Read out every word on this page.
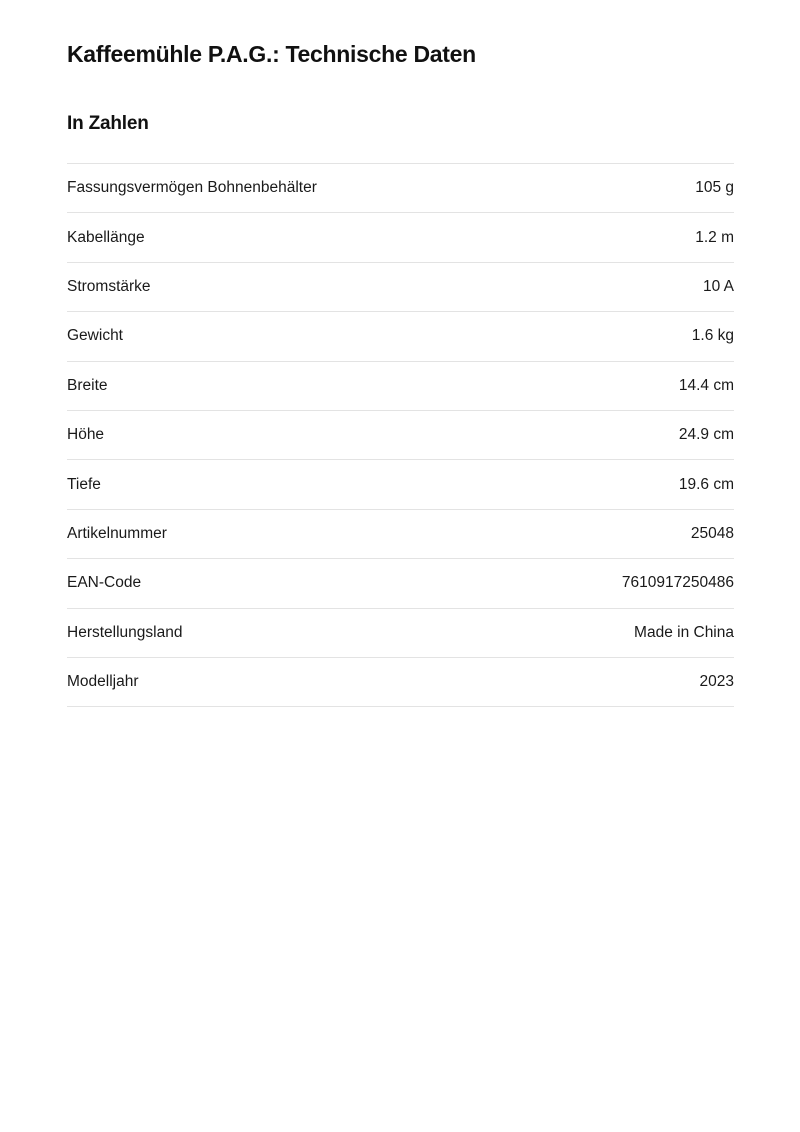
Kaffeemühle P.A.G.: Technische Daten
In Zahlen
Fassungsvermögen Bohnenbehälter	105 g
Kabellänge	1.2 m
Stromstärke	10 A
Gewicht	1.6 kg
Breite	14.4 cm
Höhe	24.9 cm
Tiefe	19.6 cm
Artikelnummer	25048
EAN-Code	7610917250486
Herstellungsland	Made in China
Modelljahr	2023
